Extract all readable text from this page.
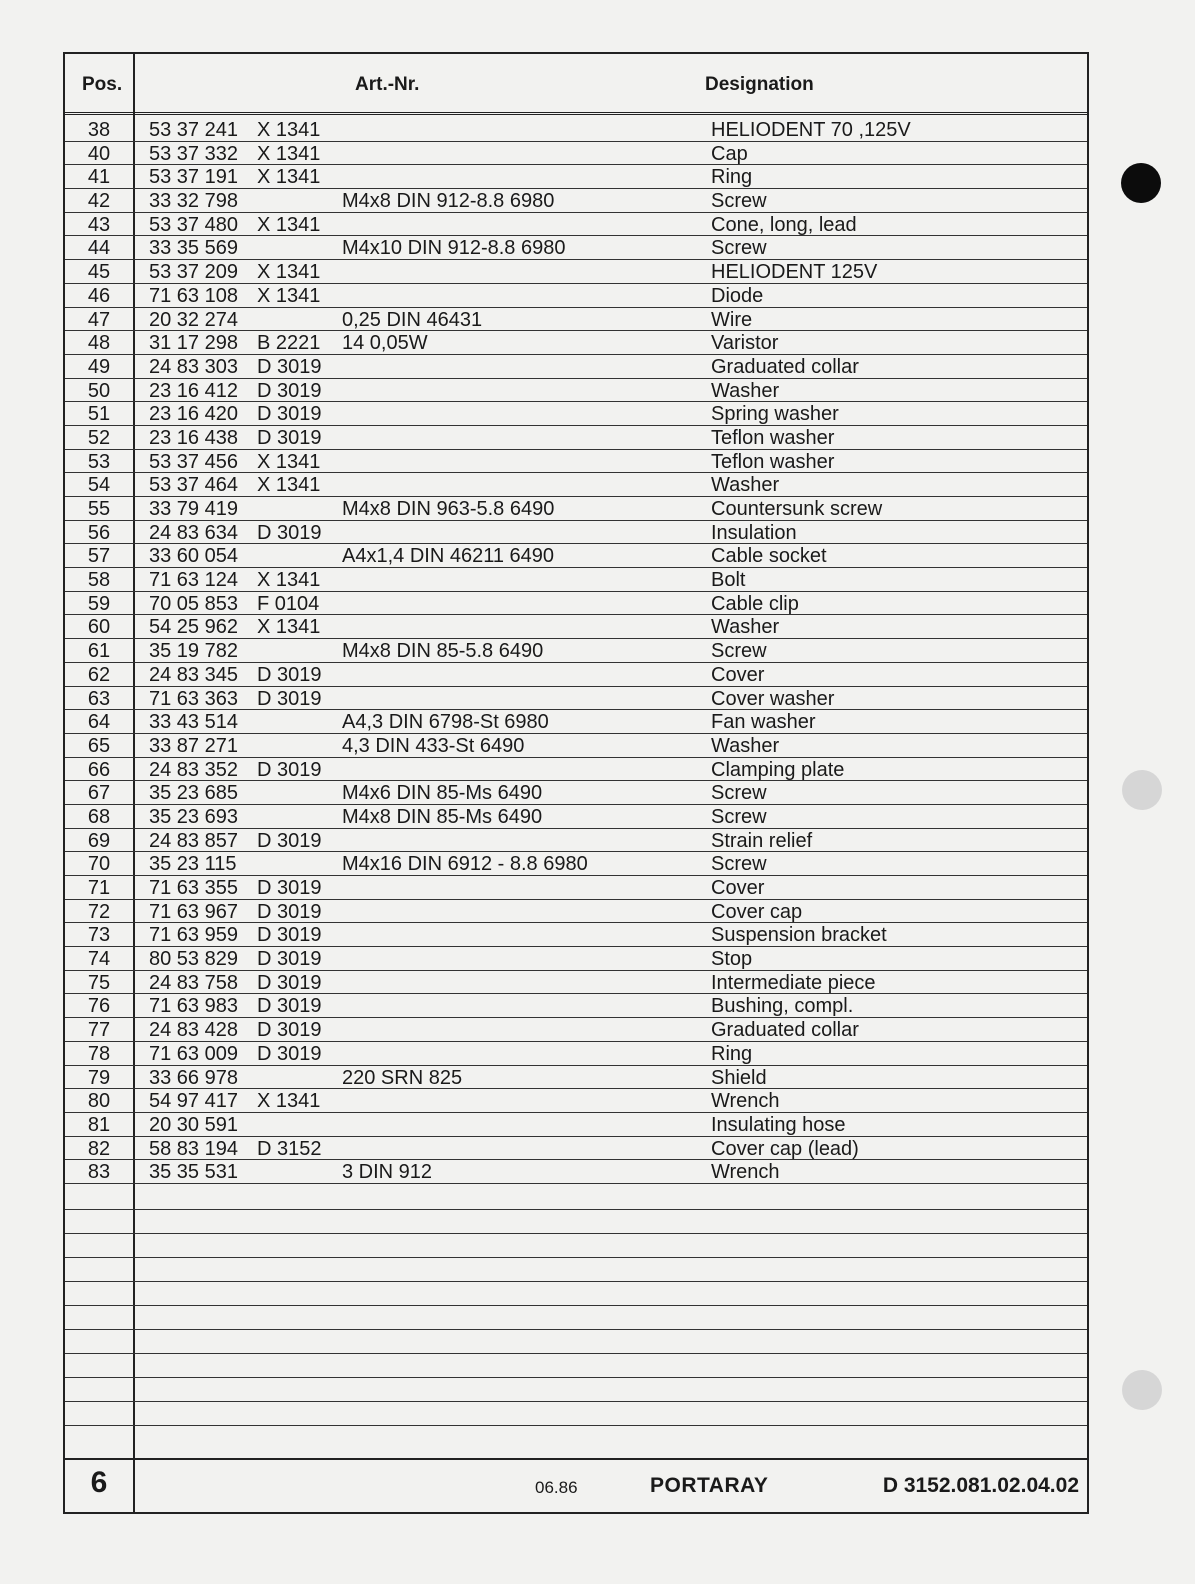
Pos.	Art.-Nr.	Designation
38	53 37 241 X 1341	HELIODENT 70 ,125V
40	53 37 332 X 1341	Cap
41	53 37 191 X 1341	Ring
42	33 32 798	M4x8 DIN 912-8.8 6980	Screw
43	53 37 480 X 1341	Cone, long, lead
44	33 35 569	M4x10 DIN 912-8.8 6980	Screw
45	53 37 209 X 1341	HELIODENT 125V
46	71 63 108 X 1341	Diode
47	20 32 274	0,25 DIN 46431	Wire
48	31 17 298 B 2221 14 0,05W	Varistor
49	24 83 303 D 3019	Graduated collar
50	23 16 412 D 3019	Washer
51	23 16 420 D 3019	Spring washer
52	23 16 438 D 3019	Teflon washer
53	53 37 456 X 1341	Teflon washer
54	53 37 464 X 1341	Washer
55	33 79 419	M4x8 DIN 963-5.8 6490	Countersunk screw
56	24 83 634 D 3019	Insulation
57	33 60 054	A4x1,4 DIN 46211 6490	Cable socket
58	71 63 124 X 1341	Bolt
59	70 05 853 F 0104	Cable clip
60	54 25 962 X 1341	Washer
61	35 19 782	M4x8 DIN 85-5.8 6490	Screw
62	24 83 345 D 3019	Cover
63	71 63 363 D 3019	Cover washer
64	33 43 514	A4,3 DIN 6798-St 6980	Fan washer
65	33 87 271	4,3 DIN 433-St 6490	Washer
66	24 83 352 D 3019	Clamping plate
67	35 23 685	M4x6 DIN 85-Ms 6490	Screw
68	35 23 693	M4x8 DIN 85-Ms 6490	Screw
69	24 83 857 D 3019	Strain relief
70	35 23 115	M4x16 DIN 6912 - 8.8 6980	Screw
71	71 63 355 D 3019	Cover
72	71 63 967 D 3019	Cover cap
73	71 63 959 D 3019	Suspension bracket
74	80 53 829 D 3019	Stop
75	24 83 758 D 3019	Intermediate piece
76	71 63 983 D 3019	Bushing, compl.
77	24 83 428 D 3019	Graduated collar
78	71 63 009 D 3019	Ring
79	33 66 978	220 SRN 825	Shield
80	54 97 417 X 1341	Wrench
81	20 30 591	Insulating hose
82	58 83 194 D 3152	Cover cap (lead)
83	35 35 531	3 DIN 912	Wrench
6	06.86	PORTARAY	D 3152.081.02.04.02
